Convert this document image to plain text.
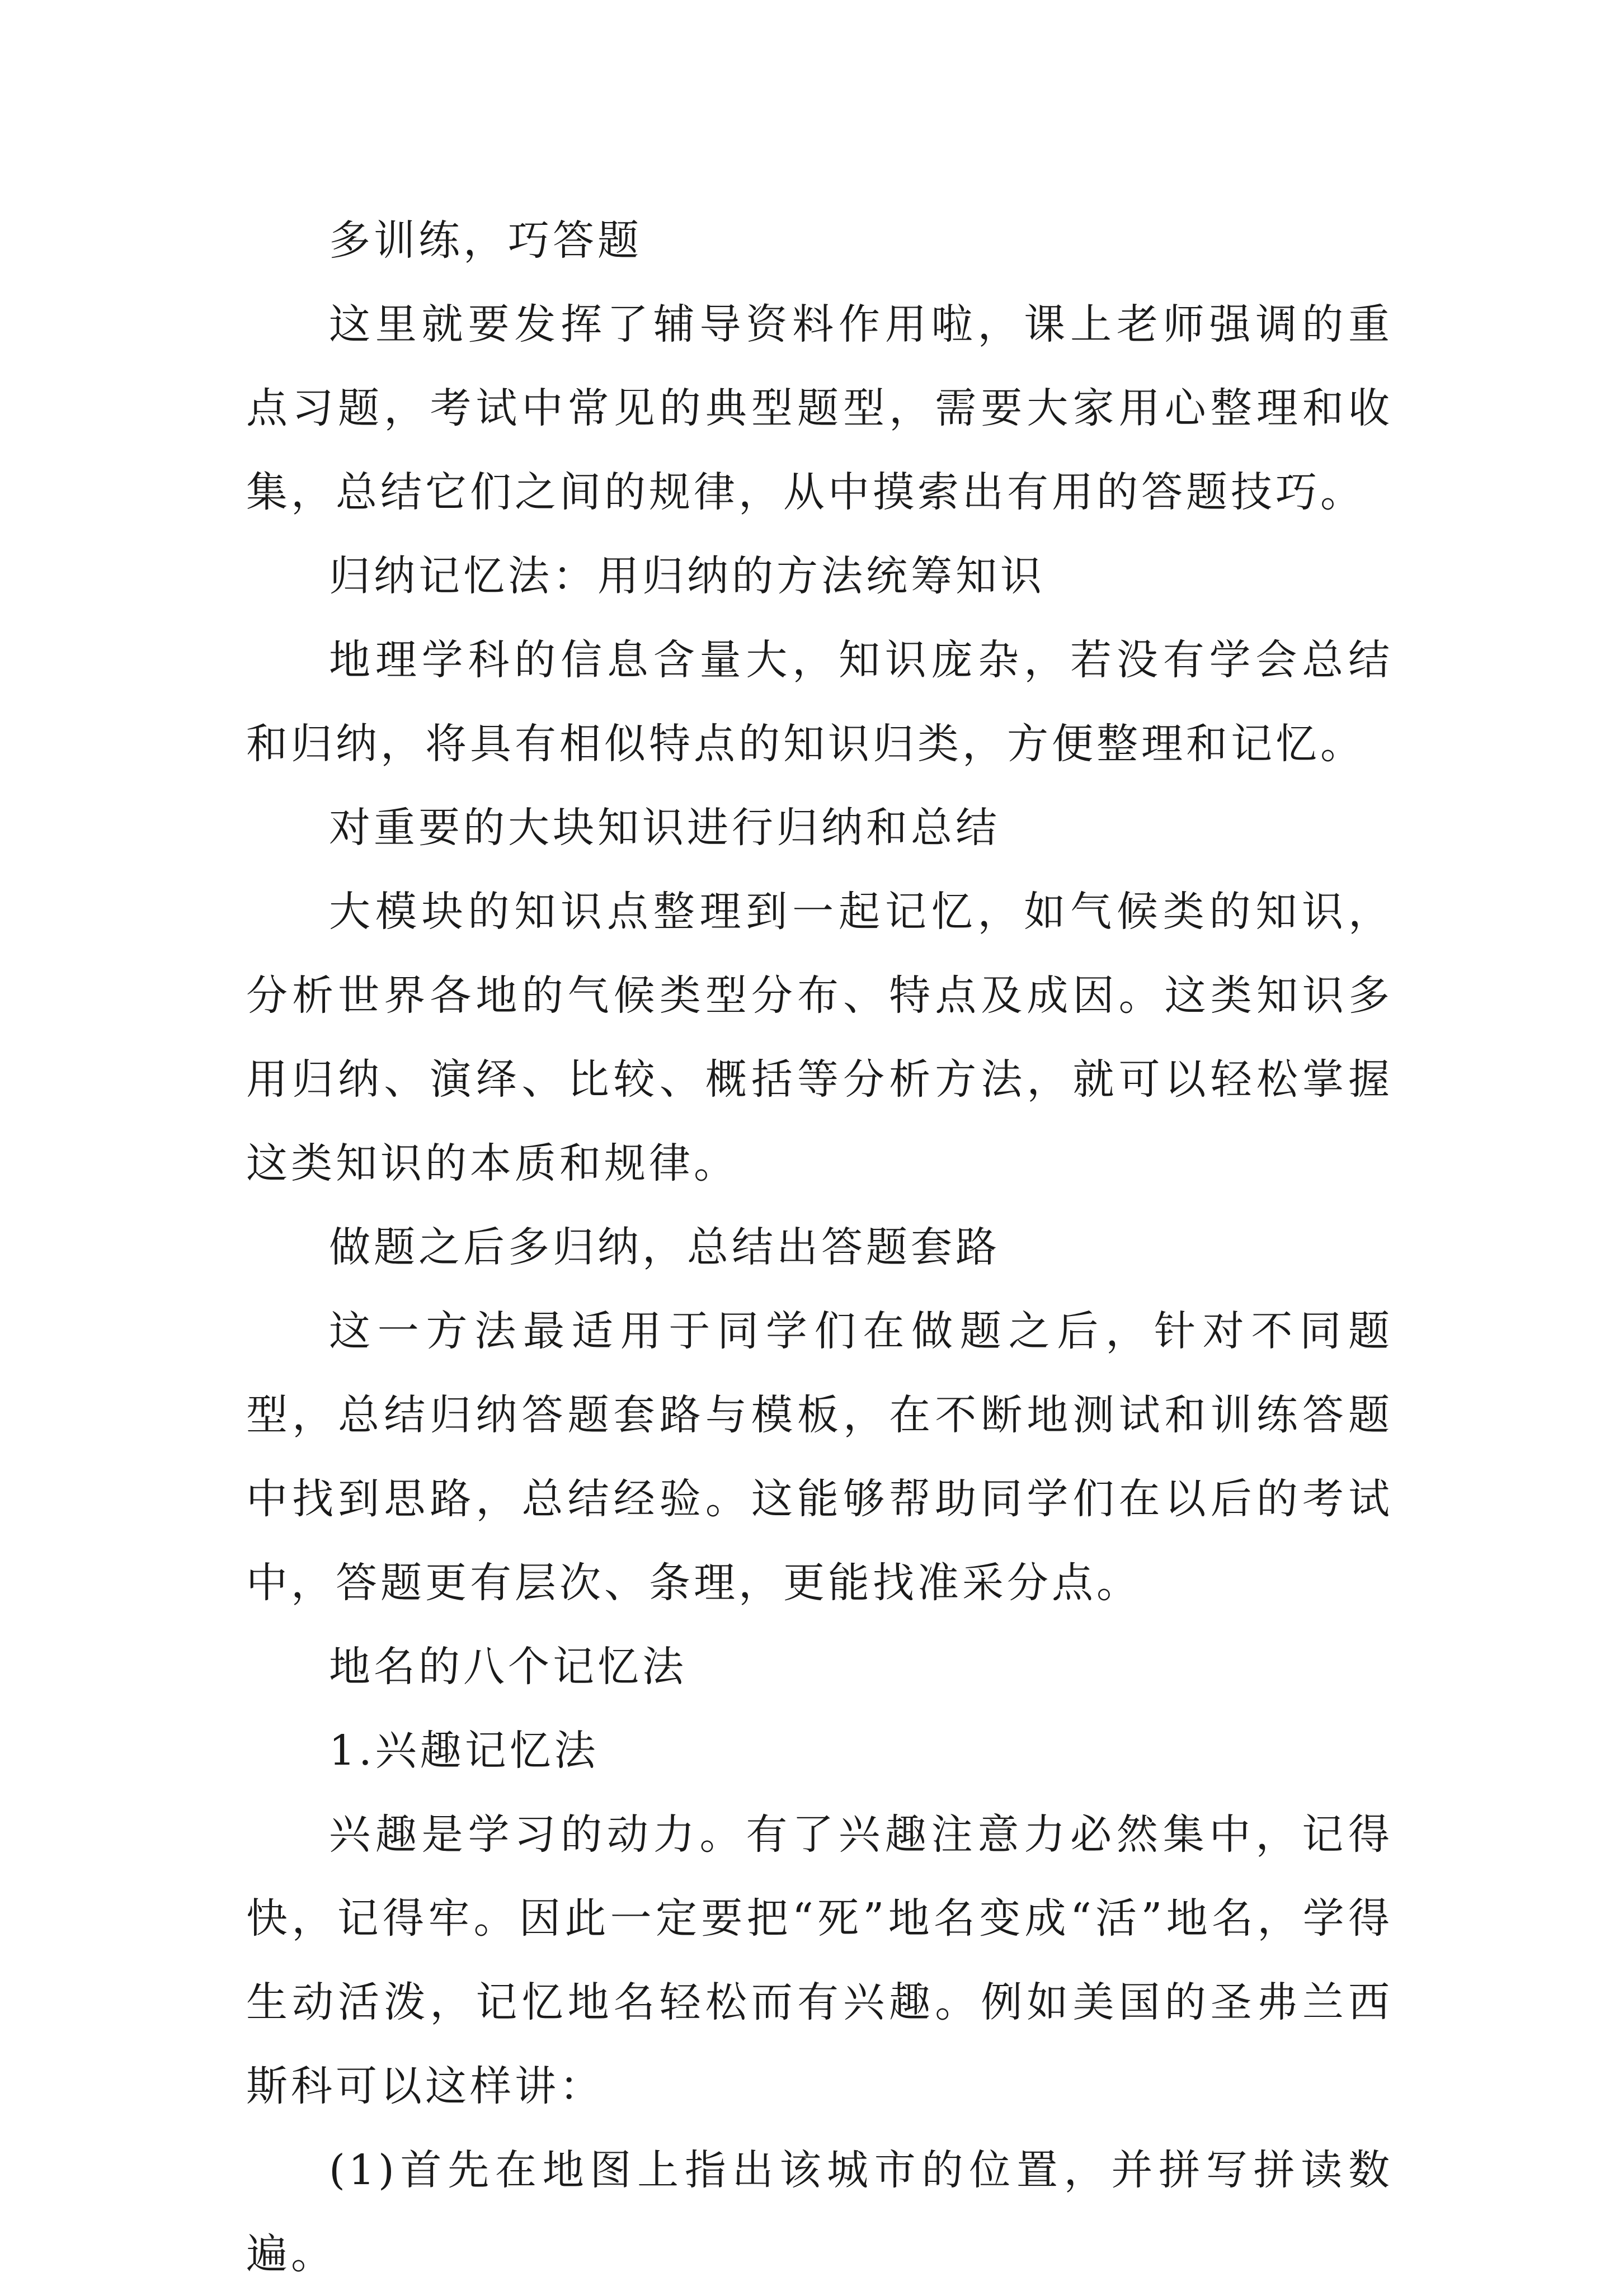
多训练，巧答题

这里就要发挥了辅导资料作用啦，课上老师强调的重点习题，考试中常见的典型题型，需要大家用心整理和收集，总结它们之间的规律，从中摸索出有用的答题技巧。

归纳记忆法：用归纳的方法统筹知识

地理学科的信息含量大，知识庞杂，若没有学会总结和归纳，将具有相似特点的知识归类，方便整理和记忆。

对重要的大块知识进行归纳和总结

大模块的知识点整理到一起记忆，如气候类的知识，分析世界各地的气候类型分布、特点及成因。这类知识多用归纳、演绎、比较、概括等分析方法，就可以轻松掌握这类知识的本质和规律。

做题之后多归纳，总结出答题套路

这一方法最适用于同学们在做题之后，针对不同题型，总结归纳答题套路与模板，在不断地测试和训练答题中找到思路，总结经验。这能够帮助同学们在以后的考试中，答题更有层次、条理，更能找准采分点。

地名的八个记忆法

1.兴趣记忆法

兴趣是学习的动力。有了兴趣注意力必然集中，记得快，记得牢。因此一定要把“死”地名变成“活”地名，学得生动活泼，记忆地名轻松而有兴趣。例如美国的圣弗兰西斯科可以这样讲：

(1)首先在地图上指出该城市的位置，并拼写拼读数遍。
